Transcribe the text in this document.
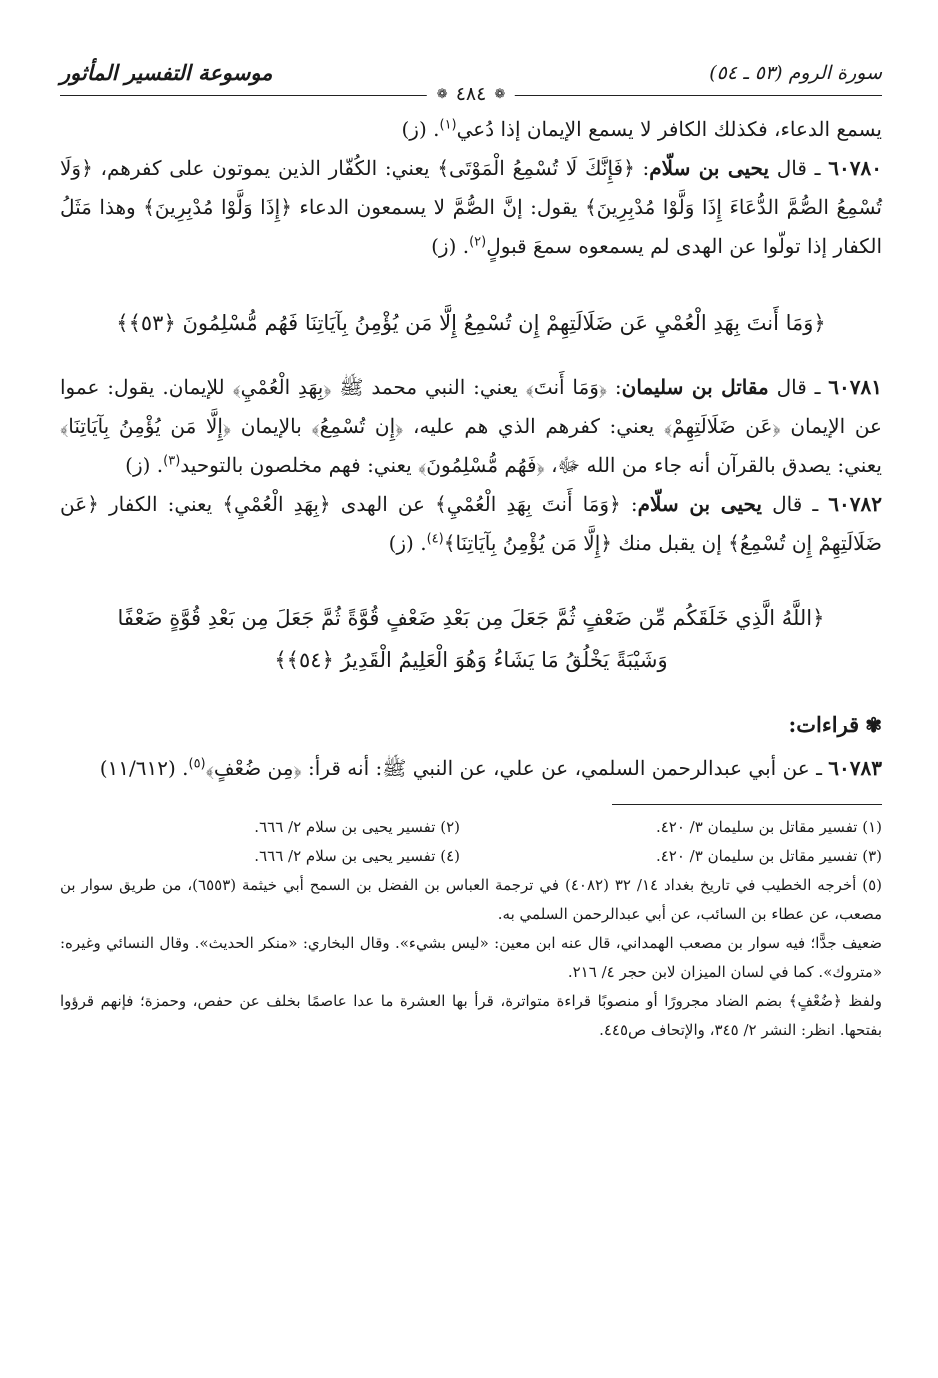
سورة الروم (٥٣ ـ ٥٤)
❁
٤٨٤
❁
موسوعة التفسير المأثور

يسمع الدعاء، فكذلك الكافر لا يسمع الإيمان إذا دُعي$^{(١)}$. (ز)

٦٠٧٨٠ ـ قال يحيى بن سلّام: ﴿فَإِنَّكَ لَا تُسْمِعُ الْمَوْتَى﴾ يعني: الكُفّار الذين يموتون على كفرهم، ﴿وَلَا تُسْمِعُ الصُّمَّ الدُّعَاءَ إِذَا وَلَّوْا مُدْبِرِينَ﴾ يقول: إنَّ الصُّمَّ لا يسمعون الدعاء ﴿إِذَا وَلَّوْا مُدْبِرِينَ﴾ وهذا مَثَلُ الكفار إذا تولّوا عن الهدى لم يسمعوه سمعَ قبولٍ$^{(٢)}$. (ز)

﴿وَمَا أَنتَ بِهَدِ الْعُمْيِ عَن ضَلَالَتِهِمْ إِن تُسْمِعُ إِلَّا مَن يُؤْمِنُ بِآيَاتِنَا فَهُم مُّسْلِمُونَ ﴿٥٣﴾﴾

٦٠٧٨١ ـ قال مقاتل بن سليمان: ﴿وَمَا أَنتَ﴾ يعني: النبي محمد ﷺ ﴿بِهَدِ الْعُمْيِ﴾ للإيمان. يقول: عموا عن الإيمان ﴿عَن ضَلَالَتِهِمْ﴾ يعني: كفرهم الذي هم عليه، ﴿إِن تُسْمِعُ﴾ بالإيمان ﴿إِلَّا مَن يُؤْمِنُ بِآيَاتِنَا﴾ يعني: يصدق بالقرآن أنه جاء من الله ﷻ، ﴿فَهُم مُّسْلِمُونَ﴾ يعني: فهم مخلصون بالتوحيد$^{(٣)}$. (ز)

٦٠٧٨٢ ـ قال يحيى بن سلّام: ﴿وَمَا أَنتَ بِهَدِ الْعُمْيِ﴾ عن الهدى ﴿بِهَدِ الْعُمْيِ﴾ يعني: الكفار ﴿عَن ضَلَالَتِهِمْ إِن تُسْمِعُ﴾ إن يقبل منك ﴿إِلَّا مَن يُؤْمِنُ بِآيَاتِنَا﴾$^{(٤)}$. (ز)

﴿اللَّهُ الَّذِي خَلَقَكُم مِّن ضَعْفٍ ثُمَّ جَعَلَ مِن بَعْدِ ضَعْفٍ قُوَّةً ثُمَّ جَعَلَ مِن بَعْدِ قُوَّةٍ ضَعْفًا
وَشَيْبَةً يَخْلُقُ مَا يَشَاءُ وَهُوَ الْعَلِيمُ الْقَدِيرُ ﴿٥٤﴾﴾
✾
قراءات:

٦٠٧٨٣ ـ عن أبي عبدالرحمن السلمي، عن علي، عن النبي ﷺ: أنه قرأ: ﴿مِن ضُعْفٍ﴾$^{(٥)}$. (١١/٦١٢)

(١) تفسير مقاتل بن سليمان ٣/ ٤٢٠.
(٢) تفسير يحيى بن سلام ٢/ ٦٦٦.
(٣) تفسير مقاتل بن سليمان ٣/ ٤٢٠.
(٤) تفسير يحيى بن سلام ٢/ ٦٦٦.

(٥) أخرجه الخطيب في تاريخ بغداد ١٤/ ٣٢ (٤٠٨٢) في ترجمة العباس بن الفضل بن السمح أبي خيثمة (٦٥٥٣)، من طريق سوار بن مصعب، عن عطاء بن السائب، عن أبي عبدالرحمن السلمي به.

ضعيف جدًّا؛ فيه سوار بن مصعب الهمداني، قال عنه ابن معين: «ليس بشيء». وقال البخاري: «منكر الحديث». وقال النسائي وغيره: «متروك». كما في لسان الميزان لابن حجر ٤/ ٢١٦.

ولفظ ﴿ضُعْفٍ﴾ بضم الضاد مجرورًا أو منصوبًا قراءة متواترة، قرأ بها العشرة ما عدا عاصمًا بخلف عن حفص، وحمزة؛ فإنهم قرؤوا بفتحها. انظر: النشر ٢/ ٣٤٥، والإتحاف ص٤٤٥.
